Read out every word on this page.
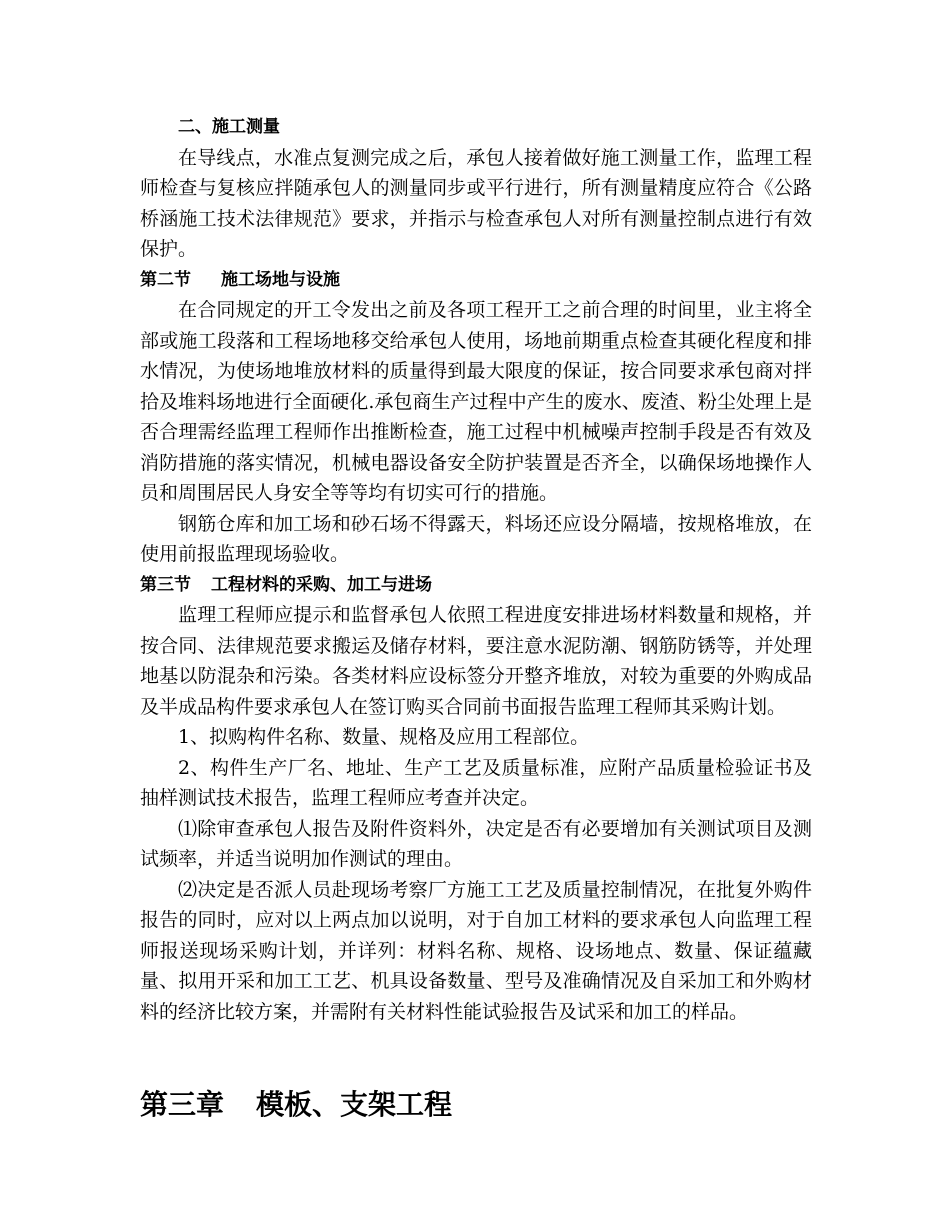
二、施工测量

在导线点，水准点复测完成之后，承包人接着做好施工测量工作，监理工程师检查与复核应拌随承包人的测量同步或平行进行，所有测量精度应符合《公路桥涵施工技术法律规范》要求，并指示与检查承包人对所有测量控制点进行有效保护。

第二节 施工场地与设施

在合同规定的开工令发出之前及各项工程开工之前合理的时间里，业主将全部或施工段落和工程场地移交给承包人使用，场地前期重点检查其硬化程度和排水情况，为使场地堆放材料的质量得到最大限度的保证，按合同要求承包商对拌拾及堆料场地进行全面硬化.承包商生产过程中产生的废水、废渣、粉尘处理上是否合理需经监理工程师作出推断检查，施工过程中机械噪声控制手段是否有效及消防措施的落实情况，机械电器设备安全防护装置是否齐全，以确保场地操作人员和周围居民人身安全等等均有切实可行的措施。

钢筋仓库和加工场和砂石场不得露天，料场还应设分隔墙，按规格堆放，在使用前报监理现场验收。

第三节 工程材料的采购、加工与进场

监理工程师应提示和监督承包人依照工程进度安排进场材料数量和规格，并按合同、法律规范要求搬运及储存材料，要注意水泥防潮、钢筋防锈等，并处理地基以防混杂和污染。各类材料应设标签分开整齐堆放，对较为重要的外购成品及半成品构件要求承包人在签订购买合同前书面报告监理工程师其采购计划。

1、拟购构件名称、数量、规格及应用工程部位。

2、构件生产厂名、地址、生产工艺及质量标准，应附产品质量检验证书及抽样测试技术报告，监理工程师应考查并决定。

⑴除审查承包人报告及附件资料外，决定是否有必要增加有关测试项目及测试频率，并适当说明加作测试的理由。

⑵决定是否派人员赴现场考察厂方施工工艺及质量控制情况，在批复外购件报告的同时，应对以上两点加以说明，对于自加工材料的要求承包人向监理工程师报送现场采购计划，并详列：材料名称、规格、设场地点、数量、保证蕴藏量、拟用开采和加工工艺、机具设备数量、型号及准确情况及自采加工和外购材料的经济比较方案，并需附有关材料性能试验报告及试采和加工的样品。

第三章 模板、支架工程
